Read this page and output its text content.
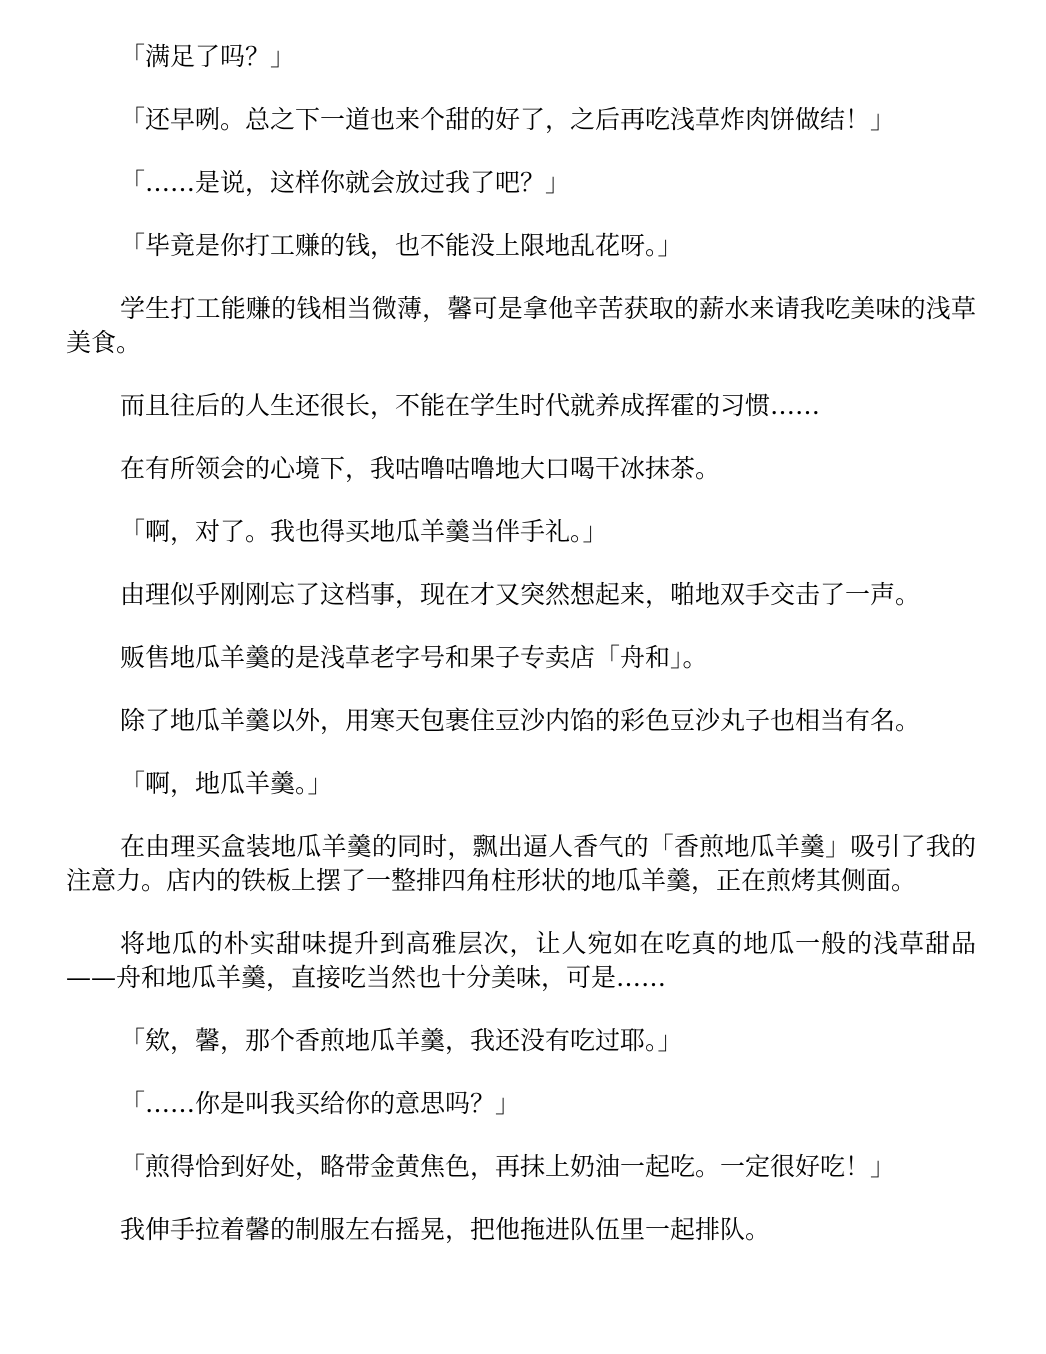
「满足了吗？」

「还早咧。总之下一道也来个甜的好了，之后再吃浅草炸肉饼做结！」

「……是说，这样你就会放过我了吧？」

「毕竟是你打工赚的钱，也不能没上限地乱花呀。」

学生打工能赚的钱相当微薄，馨可是拿他辛苦获取的薪水来请我吃美味的浅草美食。

而且往后的人生还很长，不能在学生时代就养成挥霍的习惯……

在有所领会的心境下，我咕噜咕噜地大口喝干冰抹茶。

「啊，对了。我也得买地瓜羊羹当伴手礼。」

由理似乎刚刚忘了这档事，现在才又突然想起来，啪地双手交击了一声。

贩售地瓜羊羹的是浅草老字号和果子专卖店「舟和」。

除了地瓜羊羹以外，用寒天包裹住豆沙内馅的彩色豆沙丸子也相当有名。

「啊，地瓜羊羹。」

在由理买盒装地瓜羊羹的同时，飘出逼人香气的「香煎地瓜羊羹」吸引了我的注意力。店内的铁板上摆了一整排四角柱形状的地瓜羊羹，正在煎烤其侧面。

将地瓜的朴实甜味提升到高雅层次，让人宛如在吃真的地瓜一般的浅草甜品——舟和地瓜羊羹，直接吃当然也十分美味，可是……

「欸，馨，那个香煎地瓜羊羹，我还没有吃过耶。」

「……你是叫我买给你的意思吗？」

「煎得恰到好处，略带金黄焦色，再抹上奶油一起吃。一定很好吃！」

我伸手拉着馨的制服左右摇晃，把他拖进队伍里一起排队。
